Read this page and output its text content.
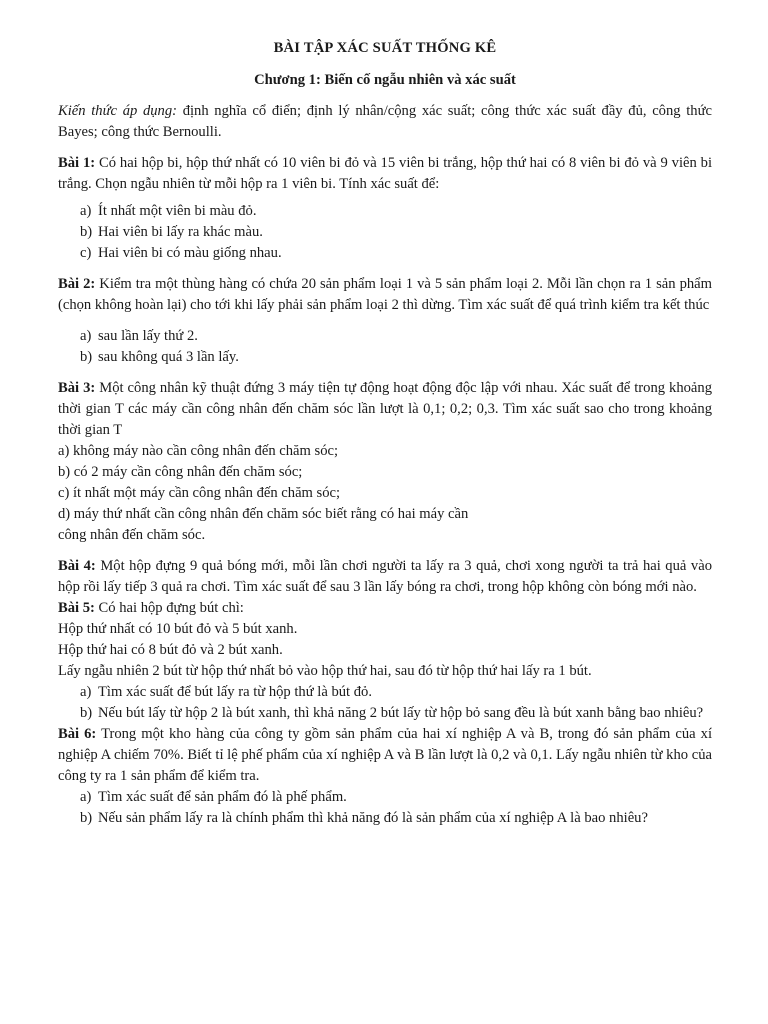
BÀI TẬP XÁC SUẤT THỐNG KÊ
Chương 1: Biến cố ngẫu nhiên và xác suất

Kiến thức áp dụng: định nghĩa cổ điển; định lý nhân/cộng xác suất; công thức xác suất đầy đủ, công thức Bayes; công thức Bernoulli.

Bài 1: Có hai hộp bi, hộp thứ nhất có 10 viên bi đỏ và 15 viên bi trắng, hộp thứ hai có 8 viên bi đỏ và 9 viên bi trắng. Chọn ngẫu nhiên từ mỗi hộp ra 1 viên bi. Tính xác suất để:

a) Ít nhất một viên bi màu đỏ.
b) Hai viên bi lấy ra khác màu.
c) Hai viên bi có màu giống nhau.

Bài 2: Kiểm tra một thùng hàng có chứa 20 sản phẩm loại 1 và 5 sản phẩm loại 2. Mỗi lần chọn ra 1 sản phẩm (chọn không hoàn lại) cho tới khi lấy phải sản phẩm loại 2 thì dừng. Tìm xác suất để quá trình kiểm tra kết thúc

a) sau lần lấy thứ 2.
b) sau không quá 3 lần lấy.

Bài 3: Một công nhân kỹ thuật đứng 3 máy tiện tự động hoạt động độc lập với nhau. Xác suất để trong khoảng thời gian T các máy cần công nhân đến chăm sóc lần lượt là 0,1; 0,2; 0,3. Tìm xác suất sao cho trong khoảng thời gian T

a) không máy nào cần công nhân đến chăm sóc;

b) có 2 máy cần công nhân đến chăm sóc;

c) ít nhất một máy cần công nhân đến chăm sóc;

d) máy thứ nhất cần công nhân đến chăm sóc biết rằng có hai máy cần

công nhân đến chăm sóc.

Bài 4: Một hộp đựng 9 quả bóng mới, mỗi lần chơi người ta lấy ra 3 quả, chơi xong người ta trả hai quả vào hộp rồi lấy tiếp 3 quả ra chơi. Tìm xác suất để sau 3 lần lấy bóng ra chơi, trong hộp không còn bóng mới nào.

Bài 5: Có hai hộp đựng bút chì:

Hộp thứ nhất có 10 bút đỏ và 5 bút xanh.

Hộp thứ hai có 8 bút đỏ và 2 bút xanh.

Lấy ngẫu nhiên 2 bút từ hộp thứ nhất bỏ vào hộp thứ hai, sau đó từ hộp thứ hai lấy ra 1 bút.

a) Tìm xác suất để bút lấy ra từ hộp thứ là bút đỏ.
b) Nếu bút lấy từ hộp 2 là bút xanh, thì khả năng 2 bút lấy từ hộp bỏ sang đều là bút xanh bằng bao nhiêu?

Bài 6: Trong một kho hàng của công ty gồm sản phẩm của hai xí nghiệp A và B, trong đó sản phẩm của xí nghiệp A chiếm 70%. Biết tỉ lệ phế phẩm của xí nghiệp A và B lần lượt là 0,2 và 0,1. Lấy ngẫu nhiên từ kho của công ty ra 1 sản phẩm để kiểm tra.

a) Tìm xác suất để sản phẩm đó là phế phẩm.
b) Nếu sản phẩm lấy ra là chính phẩm thì khả năng đó là sản phẩm của xí nghiệp A là bao nhiêu?
